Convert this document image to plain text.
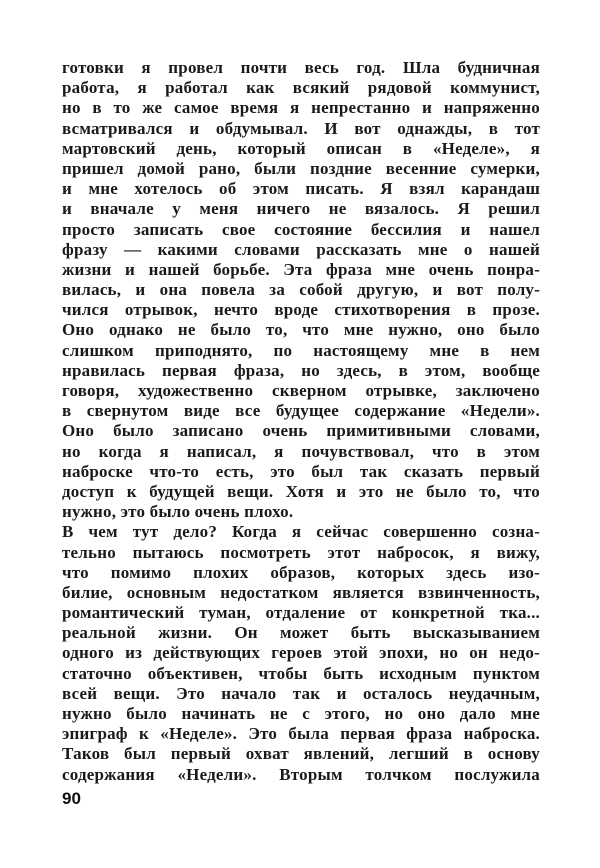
готовки я провел почти весь год. Шла будничная
работа, я работал как всякий рядовой коммунист,
но в то же самое время я непрестанно и напряженно
всматривался и обдумывал. И вот однажды, в тот
мартовский день, который описан в «Неделе», я
пришел домой рано, были поздние весенние сумерки,
и мне хотелось об этом писать. Я взял карандаш
и вначале у меня ничего не вязалось. Я решил
просто записать свое состояние бессилия и нашел
фразу — какими словами рассказать мне о нашей
жизни и нашей борьбе. Эта фраза мне очень понра-
вилась, и она повела за собой другую, и вот полу-
чился отрывок, нечто вроде стихотворения в прозе.
Оно однако не было то, что мне нужно, оно было
слишком приподнято, по настоящему мне в нем
нравилась первая фраза, но здесь, в этом, вообще
говоря, художественно скверном отрывке, заключено
в свернутом виде все будущее содержание «Недели».
Оно было записано очень примитивными словами,
но когда я написал, я почувствовал, что в этом
наброске что-то есть, это был так сказать первый
доступ к будущей вещи. Хотя и это не было то, что
нужно, это было очень плохо.
В чем тут дело? Когда я сейчас совершенно созна-
тельно пытаюсь посмотреть этот набросок, я вижу,
что помимо плохих образов, которых здесь изо-
билие, основным недостатком является взвинченность,
романтический туман, отдаление от конкретной тка...
реальной жизни. Он может быть высказыванием
одного из действующих героев этой эпохи, но он недо-
статочно объективен, чтобы быть исходным пунктом
всей вещи. Это начало так и осталось неудачным,
нужно было начинать не с этого, но оно дало мне
эпиграф к «Неделе». Это была первая фраза наброска.
Таков был первый охват явлений, легший в основу
содержания «Недели». Вторым толчком послужила
90
